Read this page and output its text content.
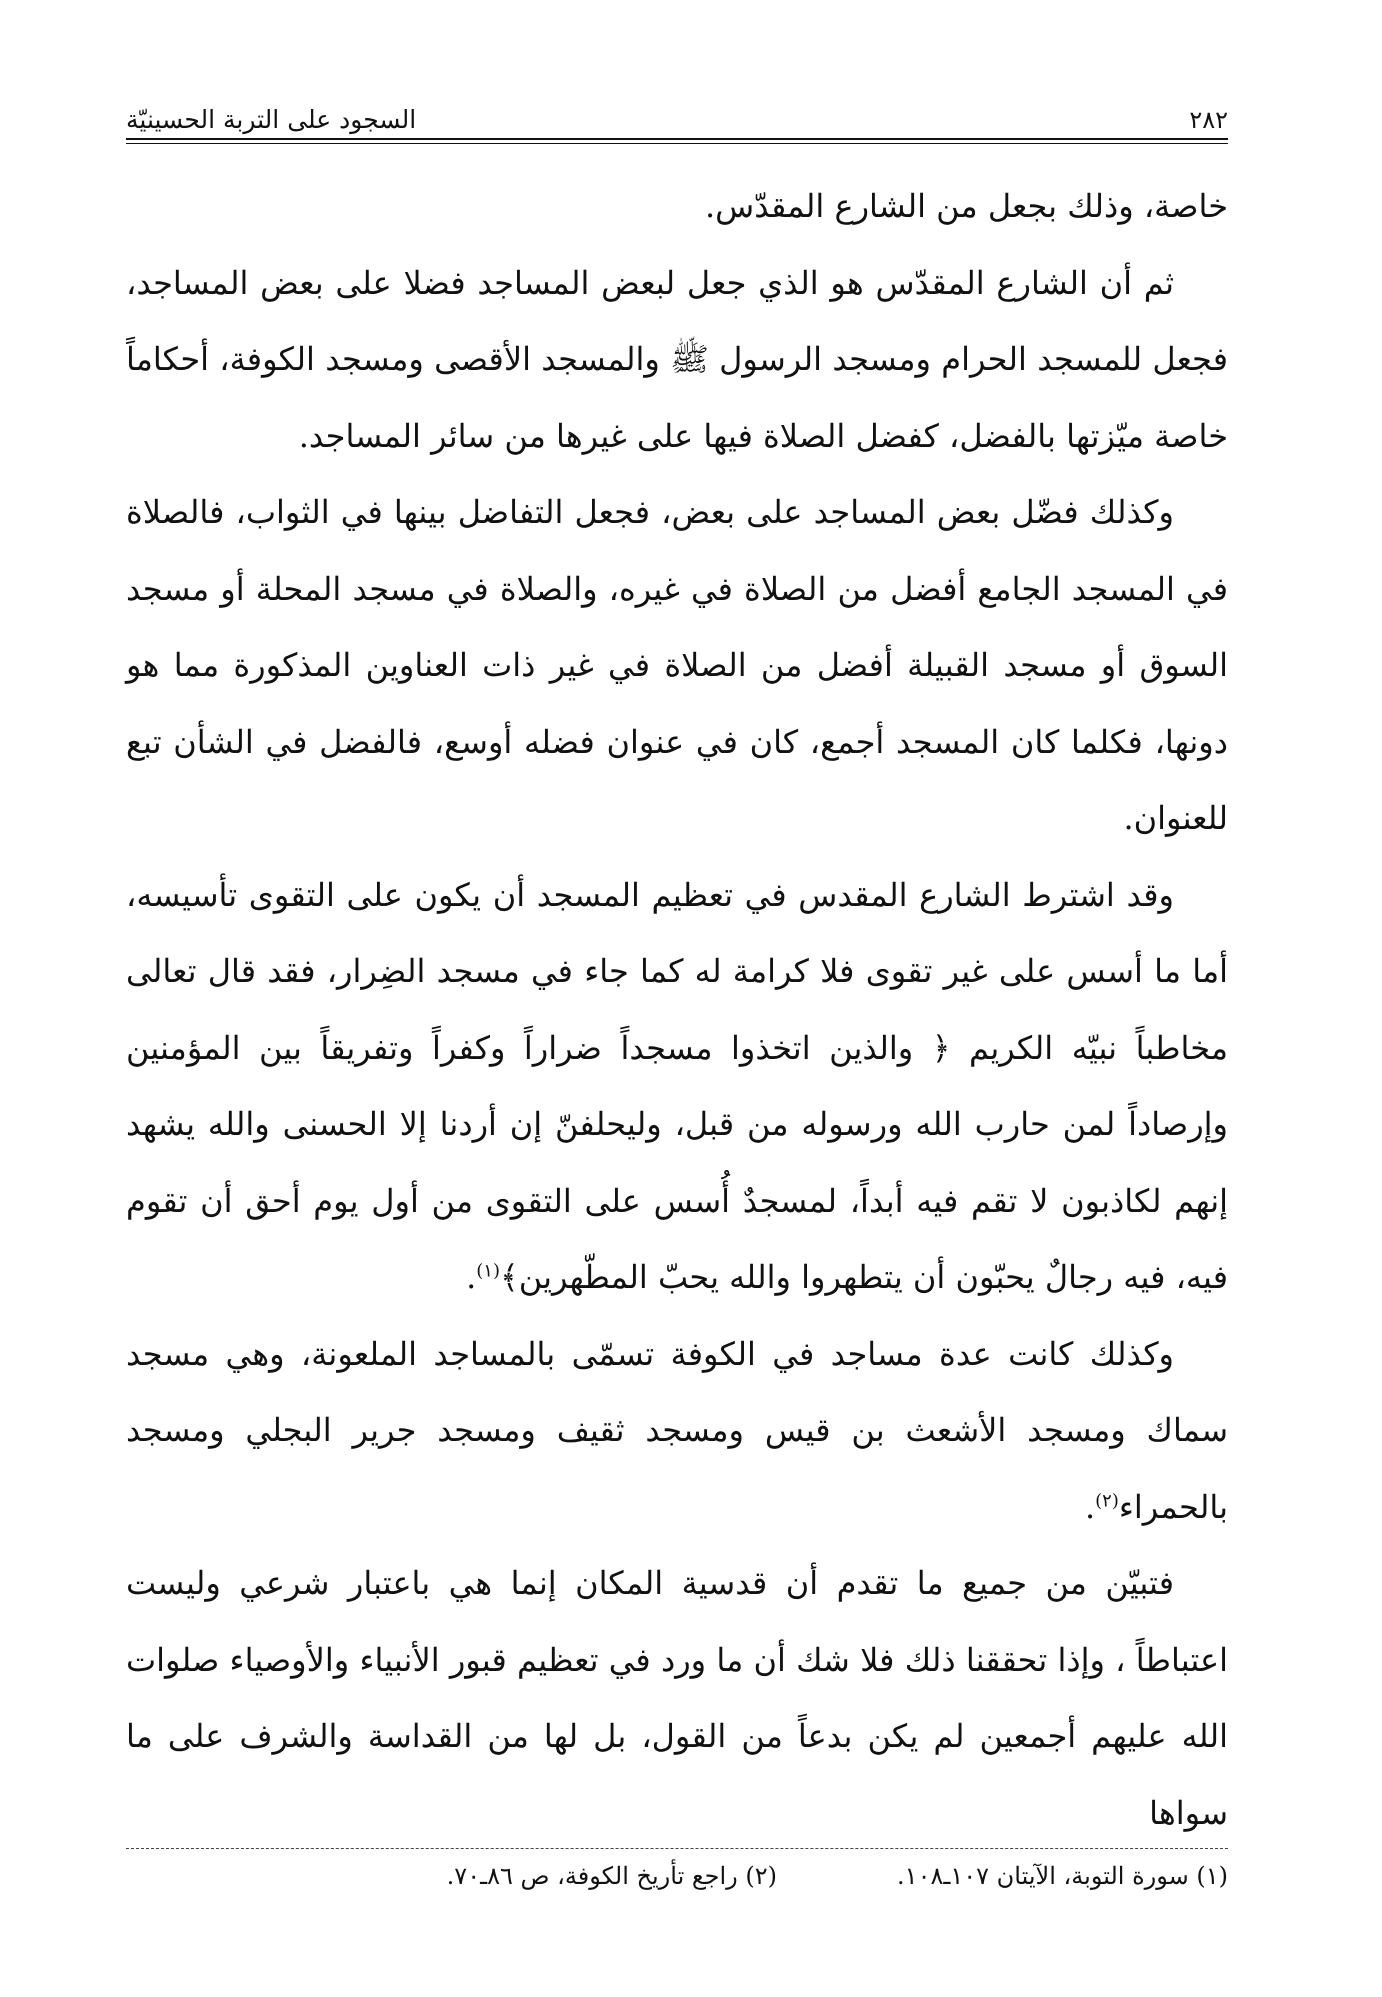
٢٨٢
السجود على التربة الحسينيّة

خاصة، وذلك بجعل من الشارع المقدّس.

ثم أن الشارع المقدّس هو الذي جعل لبعض المساجد فضلا على بعض المساجد، فجعل للمسجد الحرام ومسجد الرسول ﷺ والمسجد الأقصى ومسجد الكوفة، أحكاماً خاصة ميّزتها بالفضل، كفضل الصلاة فيها على غيرها من سائر المساجد.

وكذلك فضّل بعض المساجد على بعض، فجعل التفاضل بينها في الثواب، فالصلاة في المسجد الجامع أفضل من الصلاة في غيره، والصلاة في مسجد المحلة أو مسجد السوق أو مسجد القبيلة أفضل من الصلاة في غير ذات العناوين المذكورة مما هو دونها، فكلما كان المسجد أجمع، كان في عنوان فضله أوسع، فالفضل في الشأن تبع للعنوان.

وقد اشترط الشارع المقدس في تعظيم المسجد أن يكون على التقوى تأسيسه، أما ما أسس على غير تقوى فلا كرامة له كما جاء في مسجد الضِرار، فقد قال تعالى مخاطباً نبيّه الكريم ﴿ والذين اتخذوا مسجداً ضراراً وكفراً وتفريقاً بين المؤمنين وإرصاداً لمن حارب الله ورسوله من قبل، وليحلفنّ إن أردنا إلا الحسنى والله يشهد إنهم لكاذبون لا تقم فيه أبداً، لمسجدٌ أُسس على التقوى من أول يوم أحق أن تقوم فيه، فيه رجالٌ يحبّون أن يتطهروا والله يحبّ المطّهرين﴾$^{(١)}$.

وكذلك كانت عدة مساجد في الكوفة تسمّى بالمساجد الملعونة، وهي مسجد سماك ومسجد الأشعث بن قيس ومسجد ثقيف ومسجد جرير البجلي ومسجد بالحمراء$^{(٢)}$.

فتبيّن من جميع ما تقدم أن قدسية المكان إنما هي باعتبار شرعي وليست اعتباطاً ، وإذا تحققنا ذلك فلا شك أن ما ورد في تعظيم قبور الأنبياء والأوصياء صلوات الله عليهم أجمعين لم يكن بدعاً من القول، بل لها من القداسة والشرف على ما سواها

(١) سورة التوبة، الآيتان ١٠٧ـ١٠٨.
(٢) راجع تأريخ الكوفة، ص ٨٦ـ٧٠.
